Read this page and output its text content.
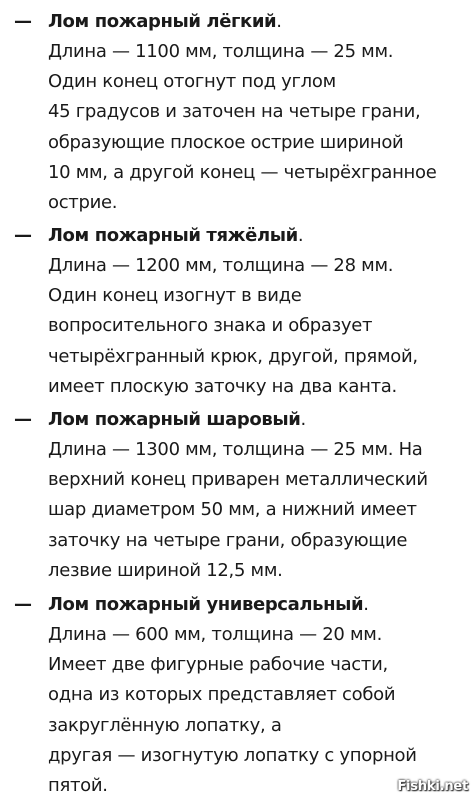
— Лом пожарный лёгкий.
Длина — 1100 мм, толщина — 25 мм.
Один конец отогнут под углом
45 градусов и заточен на четыре грани,
образующие плоское острие шириной
10 мм, а другой конец — четырёхгранное
острие.
— Лом пожарный тяжёлый.
Длина — 1200 мм, толщина — 28 мм.
Один конец изогнут в виде
вопросительного знака и образует
четырёхгранный крюк, другой, прямой,
имеет плоскую заточку на два канта.
— Лом пожарный шаровый.
Длина — 1300 мм, толщина — 25 мм. На
верхний конец приварен металлический
шар диаметром 50 мм, а нижний имеет
заточку на четыре грани, образующие
лезвие шириной 12,5 мм.
— Лом пожарный универсальный.
Длина — 600 мм, толщина — 20 мм.
Имеет две фигурные рабочие части,
одна из которых представляет собой
закруглённую лопатку, а
другая — изогнутую лопатку с упорной
пятой.	Fishki.net
